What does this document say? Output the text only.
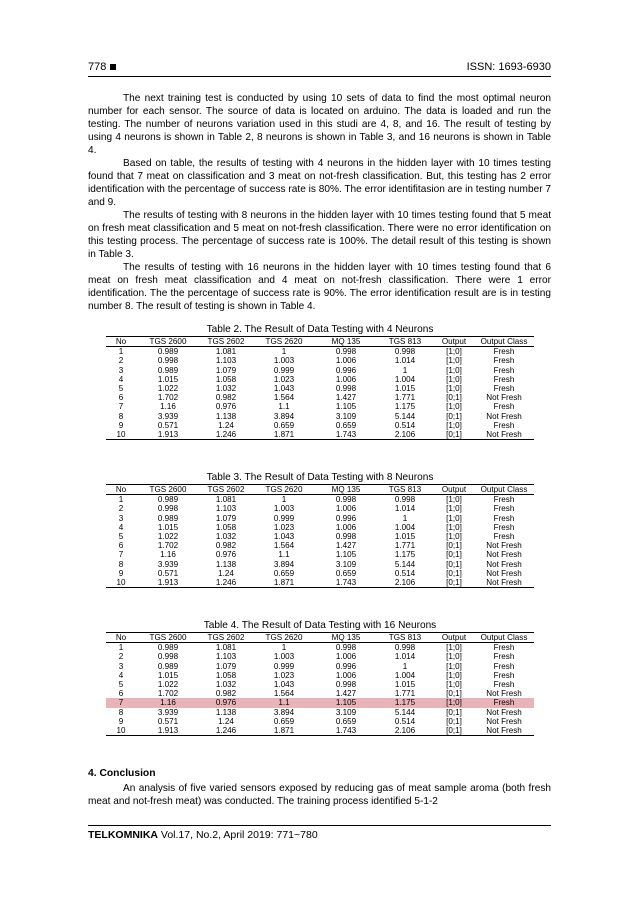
778	ISSN: 1693-6930

The next training test is conducted by using 10 sets of data to find the most optimal neuron number for each sensor. The source of data is located on arduino. The data is loaded and run the testing. The number of neurons variation used in this studi are 4, 8, and 16. The result of testing by using 4 neurons is shown in Table 2, 8 neurons is shown in Table 3, and 16 neurons is shown in Table 4.

Based on table, the results of testing with 4 neurons in the hidden layer with 10 times testing found that 7 meat on classification and 3 meat on not-fresh classification. But, this testing has 2 error identification with the percentage of success rate is 80%. The error identifitasion are in testing number 7 and 9.

The results of testing with 8 neurons in the hidden layer with 10 times testing found that 5 meat on fresh meat classification and 5 meat on not-fresh classification. There were no error identification on this testing process. The percentage of success rate is 100%. The detail result of this testing is shown in Table 3.

The results of testing with 16 neurons in the hidden layer with 10 times testing found that 6 meat on fresh meat classification and 4 meat on not-fresh classification. There were 1 error identification. The the percentage of success rate is 90%. The error identification result are is in testing number 8. The result of testing is shown in Table 4.

Table 2. The Result of Data Testing with 4 Neurons
No	TGS 2600	TGS 2602	TGS 2620	MQ 135	TGS 813	Output	Output Class
1	0.989	1.081	1	0.998	0.998	[1;0]	Fresh
2	0.998	1.103	1.003	1.006	1.014	[1;0]	Fresh
3	0.989	1.079	0.999	0.996	1	[1;0]	Fresh
4	1.015	1.058	1.023	1.006	1.004	[1;0]	Fresh
5	1.022	1.032	1.043	0.998	1.015	[1;0]	Fresh
6	1.702	0.982	1.564	1.427	1.771	[0;1]	Not Fresh
7	1.16	0.976	1.1	1.105	1.175	[1;0]	Fresh
8	3.939	1.138	3.894	3.109	5.144	[0;1]	Not Fresh
9	0.571	1.24	0.659	0.659	0.514	[1;0]	Fresh
10	1.913	1.246	1.871	1.743	2.106	[0;1]	Not Fresh
Table 3. The Result of Data Testing with 8 Neurons
No	TGS 2600	TGS 2602	TGS 2620	MQ 135	TGS 813	Output	Output Class
1	0.989	1.081	1	0.998	0.998	[1;0]	Fresh
2	0.998	1.103	1.003	1.006	1.014	[1;0]	Fresh
3	0.989	1.079	0.999	0.996	1	[1;0]	Fresh
4	1.015	1.058	1.023	1.006	1.004	[1;0]	Fresh
5	1.022	1.032	1.043	0.998	1.015	[1;0]	Fresh
6	1.702	0.982	1.564	1.427	1.771	[0;1]	Not Fresh
7	1.16	0.976	1.1	1.105	1.175	[0;1]	Not Fresh
8	3.939	1.138	3.894	3.109	5.144	[0;1]	Not Fresh
9	0.571	1.24	0.659	0.659	0.514	[0;1]	Not Fresh
10	1.913	1.246	1.871	1.743	2.106	[0;1]	Not Fresh
Table 4. The Result of Data Testing with 16 Neurons
No	TGS 2600	TGS 2602	TGS 2620	MQ 135	TGS 813	Output	Output Class
1	0.989	1.081	1	0.998	0.998	[1;0]	Fresh
2	0.998	1.103	1.003	1.006	1.014	[1;0]	Fresh
3	0.989	1.079	0.999	0.996	1	[1;0]	Fresh
4	1.015	1.058	1.023	1.006	1.004	[1;0]	Fresh
5	1.022	1.032	1.043	0.998	1.015	[1;0]	Fresh
6	1.702	0.982	1.564	1.427	1.771	[0;1]	Not Fresh
7	1.16	0.976	1.1	1.105	1.175	[1;0]	Fresh
8	3.939	1.138	3.894	3.109	5.144	[0;1]	Not Fresh
9	0.571	1.24	0.659	0.659	0.514	[0;1]	Not Fresh
10	1.913	1.246	1.871	1.743	2.106	[0;1]	Not Fresh
4. Conclusion

An analysis of five varied sensors exposed by reducing gas of meat sample aroma (both fresh meat and not-fresh meat) was conducted. The training process identified 5-1-2

TELKOMNIKA Vol.17, No.2, April 2019: 771~780
